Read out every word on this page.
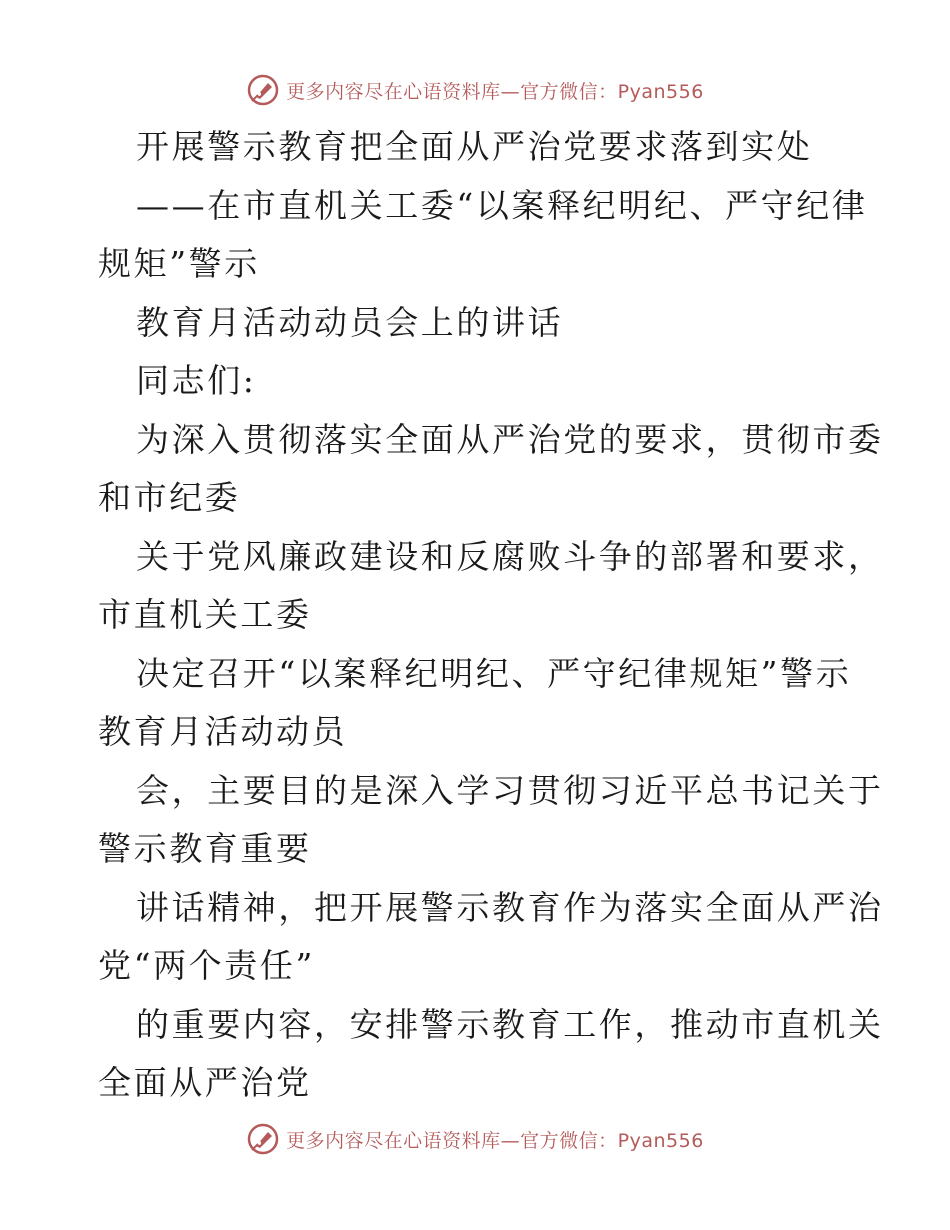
更多内容尽在心语资料库—官方微信：Pyan556
开展警示教育把全面从严治党要求落到实处
——在市直机关工委“以案释纪明纪、严守纪律
规矩”警示
教育月活动动员会上的讲话
同志们:
为深入贯彻落实全面从严治党的要求，贯彻市委
和市纪委
关于党风廉政建设和反腐败斗争的部署和要求，
市直机关工委
决定召开“以案释纪明纪、严守纪律规矩”警示
教育月活动动员
会，主要目的是深入学习贯彻习近平总书记关于
警示教育重要
讲话精神，把开展警示教育作为落实全面从严治
党“两个责任”
的重要内容，安排警示教育工作，推动市直机关
全面从严治党
更多内容尽在心语资料库—官方微信：Pyan556
